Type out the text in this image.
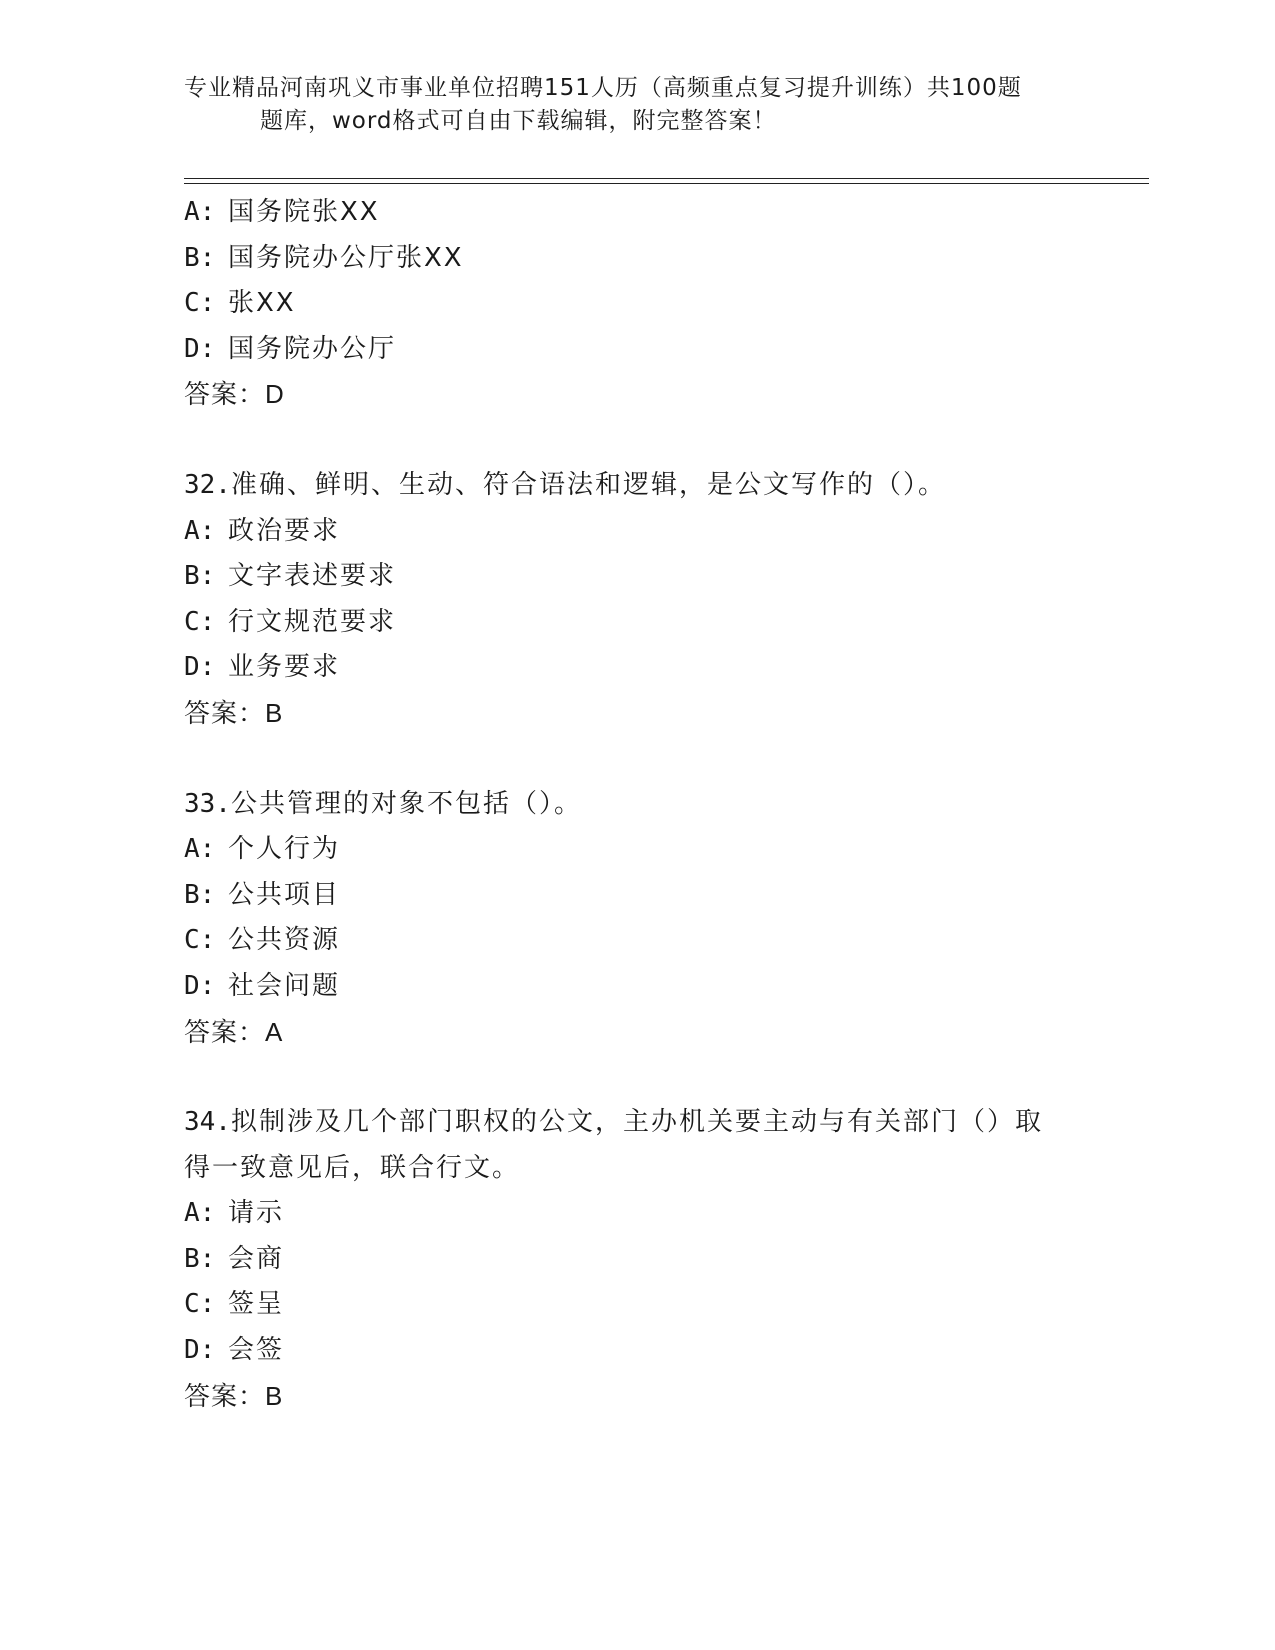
专业精品河南巩义市事业单位招聘151人历（高频重点复习提升训练）共100题
题库，word格式可自由下载编辑，附完整答案！
A: 国务院张XX
B: 国务院办公厅张XX
C: 张XX
D: 国务院办公厅
答案：D
32.准确、鲜明、生动、符合语法和逻辑，是公文写作的（）。
A: 政治要求
B: 文字表述要求
C: 行文规范要求
D: 业务要求
答案：B
33.公共管理的对象不包括（）。
A: 个人行为
B: 公共项目
C: 公共资源
D: 社会问题
答案：A
34.拟制涉及几个部门职权的公文，主办机关要主动与有关部门（）取得一致意见后，联合行文。
A: 请示
B: 会商
C: 签呈
D: 会签
答案：B
